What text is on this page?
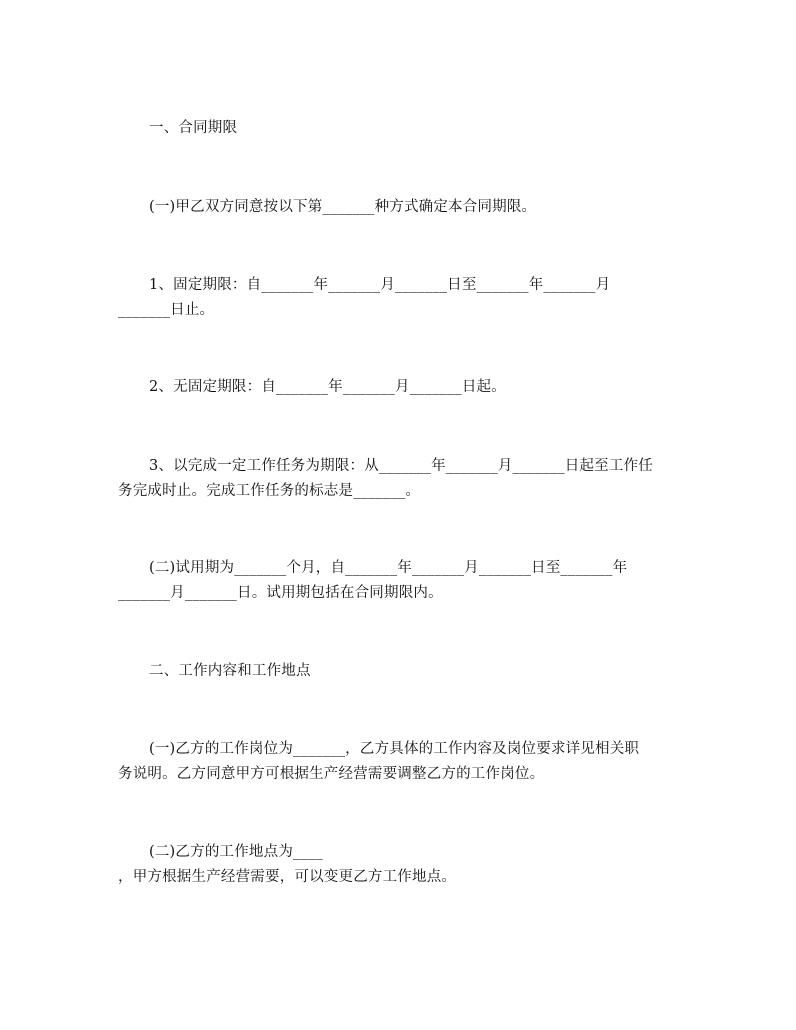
一、合同期限
(一)甲乙双方同意按以下第_______种方式确定本合同期限。
1、固定期限：自_______年_______月_______日至_______年_______月
_______日止。
2、无固定期限：自_______年_______月_______日起。
3、以完成一定工作任务为期限：从_______年_______月_______日起至工作任
务完成时止。完成工作任务的标志是_______。
(二)试用期为_______个月，自_______年_______月_______日至_______年
_______月_______日。试用期包括在合同期限内。
二、工作内容和工作地点
(一)乙方的工作岗位为_______，乙方具体的工作内容及岗位要求详见相关职
务说明。乙方同意甲方可根据生产经营需要调整乙方的工作岗位。
(二)乙方的工作地点为____
，甲方根据生产经营需要，可以变更乙方工作地点。
